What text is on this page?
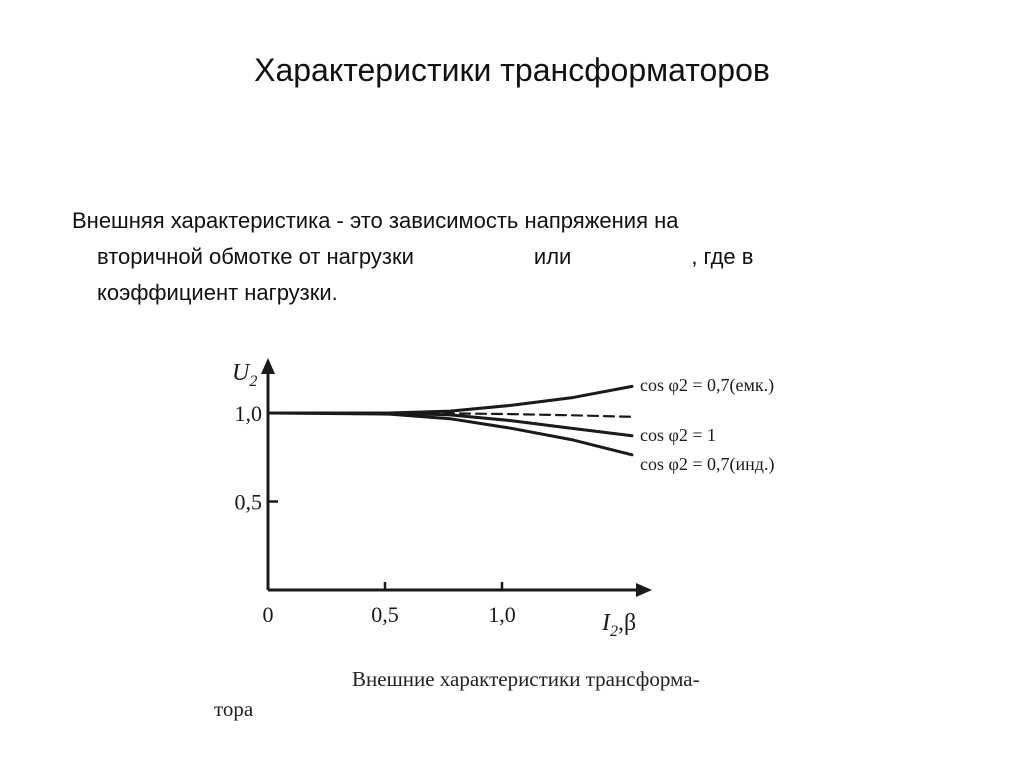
Характеристики трансформаторов
Внешняя характеристика - это зависимость напряжения на
вторичной обмотке от нагрузки	или	, где в
коэффициент нагрузки.
0	0,5	1,0
0,5
1,0
$U_2$
$I_2,\beta$
cos φ2 = 0,7(емк.)
cos φ2 = 1
cos φ2 = 0,7(инд.)
Внешние характеристики трансформа-
тора
